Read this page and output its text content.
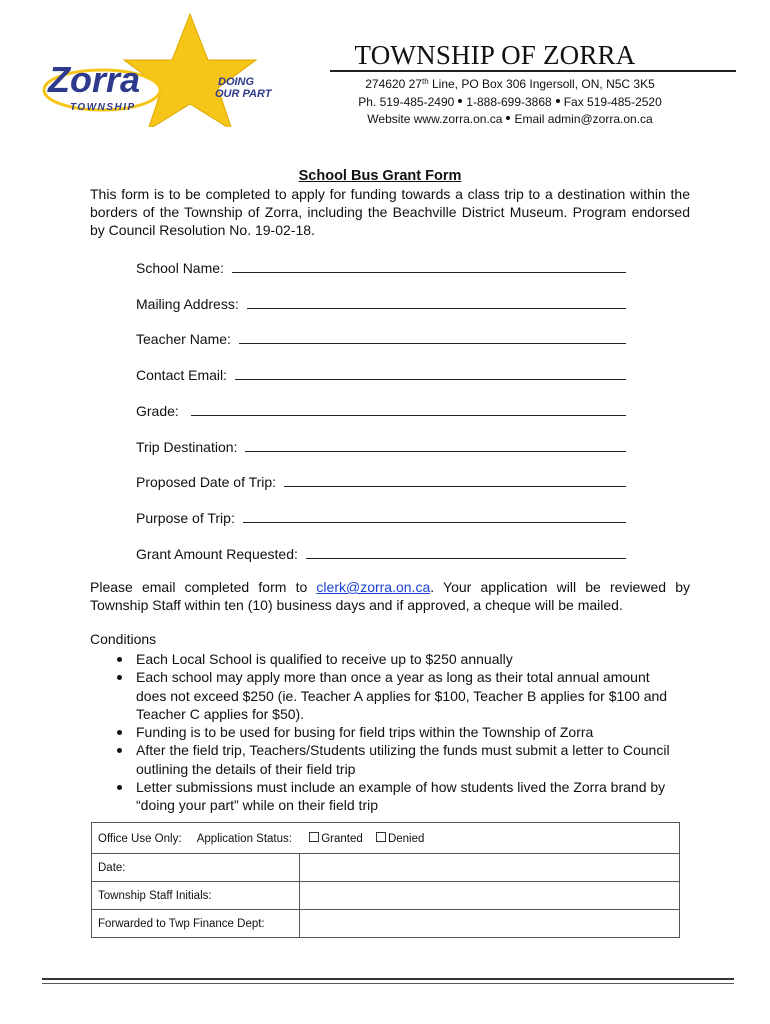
Zorra
TOWNSHIP
DOING
OUR PART
TOWNSHIP OF ZORRA
274620 27th Line, PO Box 306 Ingersoll, ON, N5C 3K5
Ph. 519-485-2490 1-888-699-3868 Fax 519-485-2520
Website www.zorra.on.ca Email admin@zorra.on.ca
School Bus Grant Form
This form is to be completed to apply for funding towards a class trip to a destination within the borders of the Township of Zorra, including the Beachville District Museum. Program endorsed by Council Resolution No. 19-02-18.
School Name:
Mailing Address:
Teacher Name:
Contact Email:
Grade:
Trip Destination:
Proposed Date of Trip:
Purpose of Trip:
Grant Amount Requested:
Please email completed form to clerk@zorra.on.ca. Your application will be reviewed by Township Staff within ten (10) business days and if approved, a cheque will be mailed.
Conditions
Each Local School is qualified to receive up to $250 annually
Each school may apply more than once a year as long as their total annual amount does not exceed $250 (ie. Teacher A applies for $100, Teacher B applies for $100 and Teacher C applies for $50).
Funding is to be used for busing for field trips within the Township of Zorra
After the field trip, Teachers/Students utilizing the funds must submit a letter to Council outlining the details of their field trip
Letter submissions must include an example of how students lived the Zorra brand by “doing your part” while on their field trip
Office Use Only: Application Status: Granted Denied	
Date:	
Township Staff Initials:	
Forwarded to Twp Finance Dept:	
